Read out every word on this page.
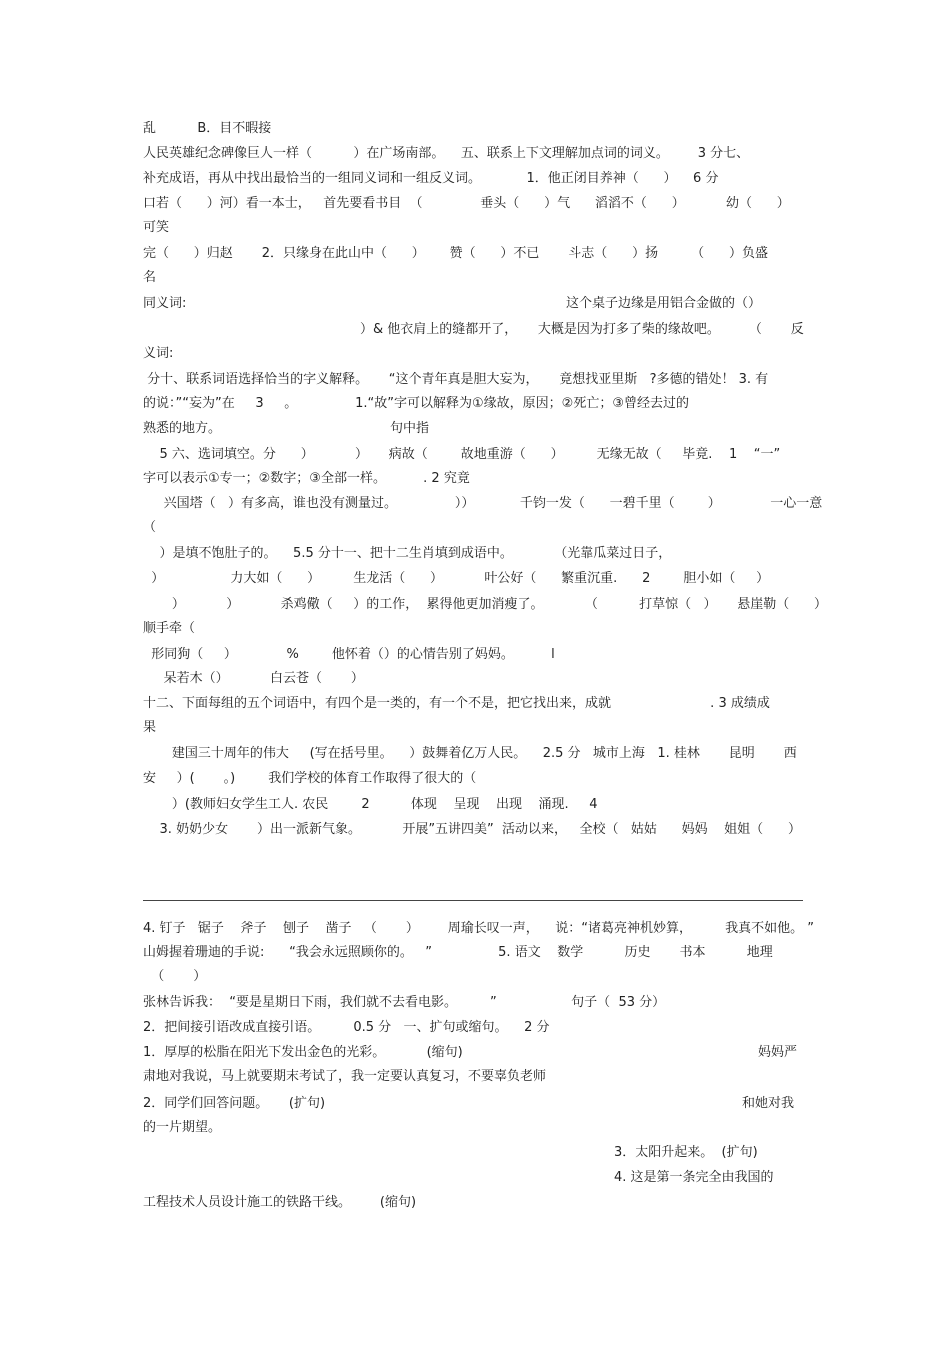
乱          B．目不暇接
人民英雄纪念碑像巨人一样（          ）在广场南部。    五、联系上下文理解加点词的词义。       3 分七、
补充成语，再从中找出最恰当的一组同义词和一组反义词。           1．他正闭目养神（      ）    6 分
口若（      ）河）看一本士，   首先要看书目  （              垂头（      ）气      滔滔不（      ）          幼（      ）
可笑
完（      ）归赵       2．只缘身在此山中（      ）      赞（      ）不已       斗志（      ）扬        （      ）负盛
名
同义词:	这个桌子边缘是用铝合金做的（）
）& 他衣肩上的缝都开了，     大概是因为打多了柴的缘故吧。       （       反
义词:
分十、联系词语选择恰当的字义解释。     “这个青年真是胆大妄为，     竟想找亚里斯   ?多德的错处！ 3. 有
的说：”“妄为”在     3     。              1.“故”字可以解释为①缘故，原因；②死亡；③曾经去过的
熟悉的地方。	句中指
5 六、选词填空。分      ）          ）     病故（        故地重游（      ）        无缘无故（     毕竟.    1    “一”
字可以表示①专一；②数字；③全部一样。         . 2 究竟
兴国塔（   ）有多高，谁也没有测量过。              ））           千钧一发（      一碧千里（        ）            一心一意
（
）是填不饱肚子的。    5.5 分十一、把十二生肖填到成语中。          （光靠瓜菜过日子，
）                力大如（      ）        生龙活（      ）          叶公好（      繁重沉重.      2        胆小如（     ）
）          ）          杀鸡儆（     ）的工作，  累得他更加消瘦了。          （          打草惊（   ）     悬崖勒（      ）
顺手牵（
形同狗（     ）            %        他怀着（）的心情告别了妈妈。         l
呆若木（）          白云苍（       ）
十二、下面每组的五个词语中，有四个是一类的，有一个不是，把它找出来，成就                        . 3 成绩成
果
建国三十周年的伟大     (写在括号里。    ）鼓舞着亿万人民。    2.5 分   城市上海   1. 桂林       昆明       西
安     ）(       。)        我们学校的体育工作取得了很大的（
）(教师妇女学生工人. 农民        2          体现    呈现    出现    涌现.     4
3. 奶奶少女       ）出一派新气象。          开展”五讲四美”  活动以来，   全校（   姑姑      妈妈    姐姐（      ）
4. 钉子   锯子    斧子    刨子    凿子   （       ）       周瑜长叹一声，    说：“诸葛亮神机妙算，        我真不如他。 ”
山姆握着珊迪的手说:      “我会永远照顾你的。   ”                5. 语文    数学          历史       书本          地理
（       ）
张林告诉我：  “要是星期日下雨，我们就不去看电影。        ”                  句子（  53 分）
2．把间接引语改成直接引语。        0.5 分   一、扩句或缩句。    2 分
1．厚厚的松脂在阳光下发出金色的光彩。          (缩句)	妈妈严
肃地对我说，马上就要期末考试了，我一定要认真复习，不要辜负老师
2．同学们回答问题。     (扩句)	和她对我
的一片期望。
3．太阳升起来。  (扩句)
4. 这是第一条完全由我国的
工程技术人员设计施工的铁路干线。       (缩句)
